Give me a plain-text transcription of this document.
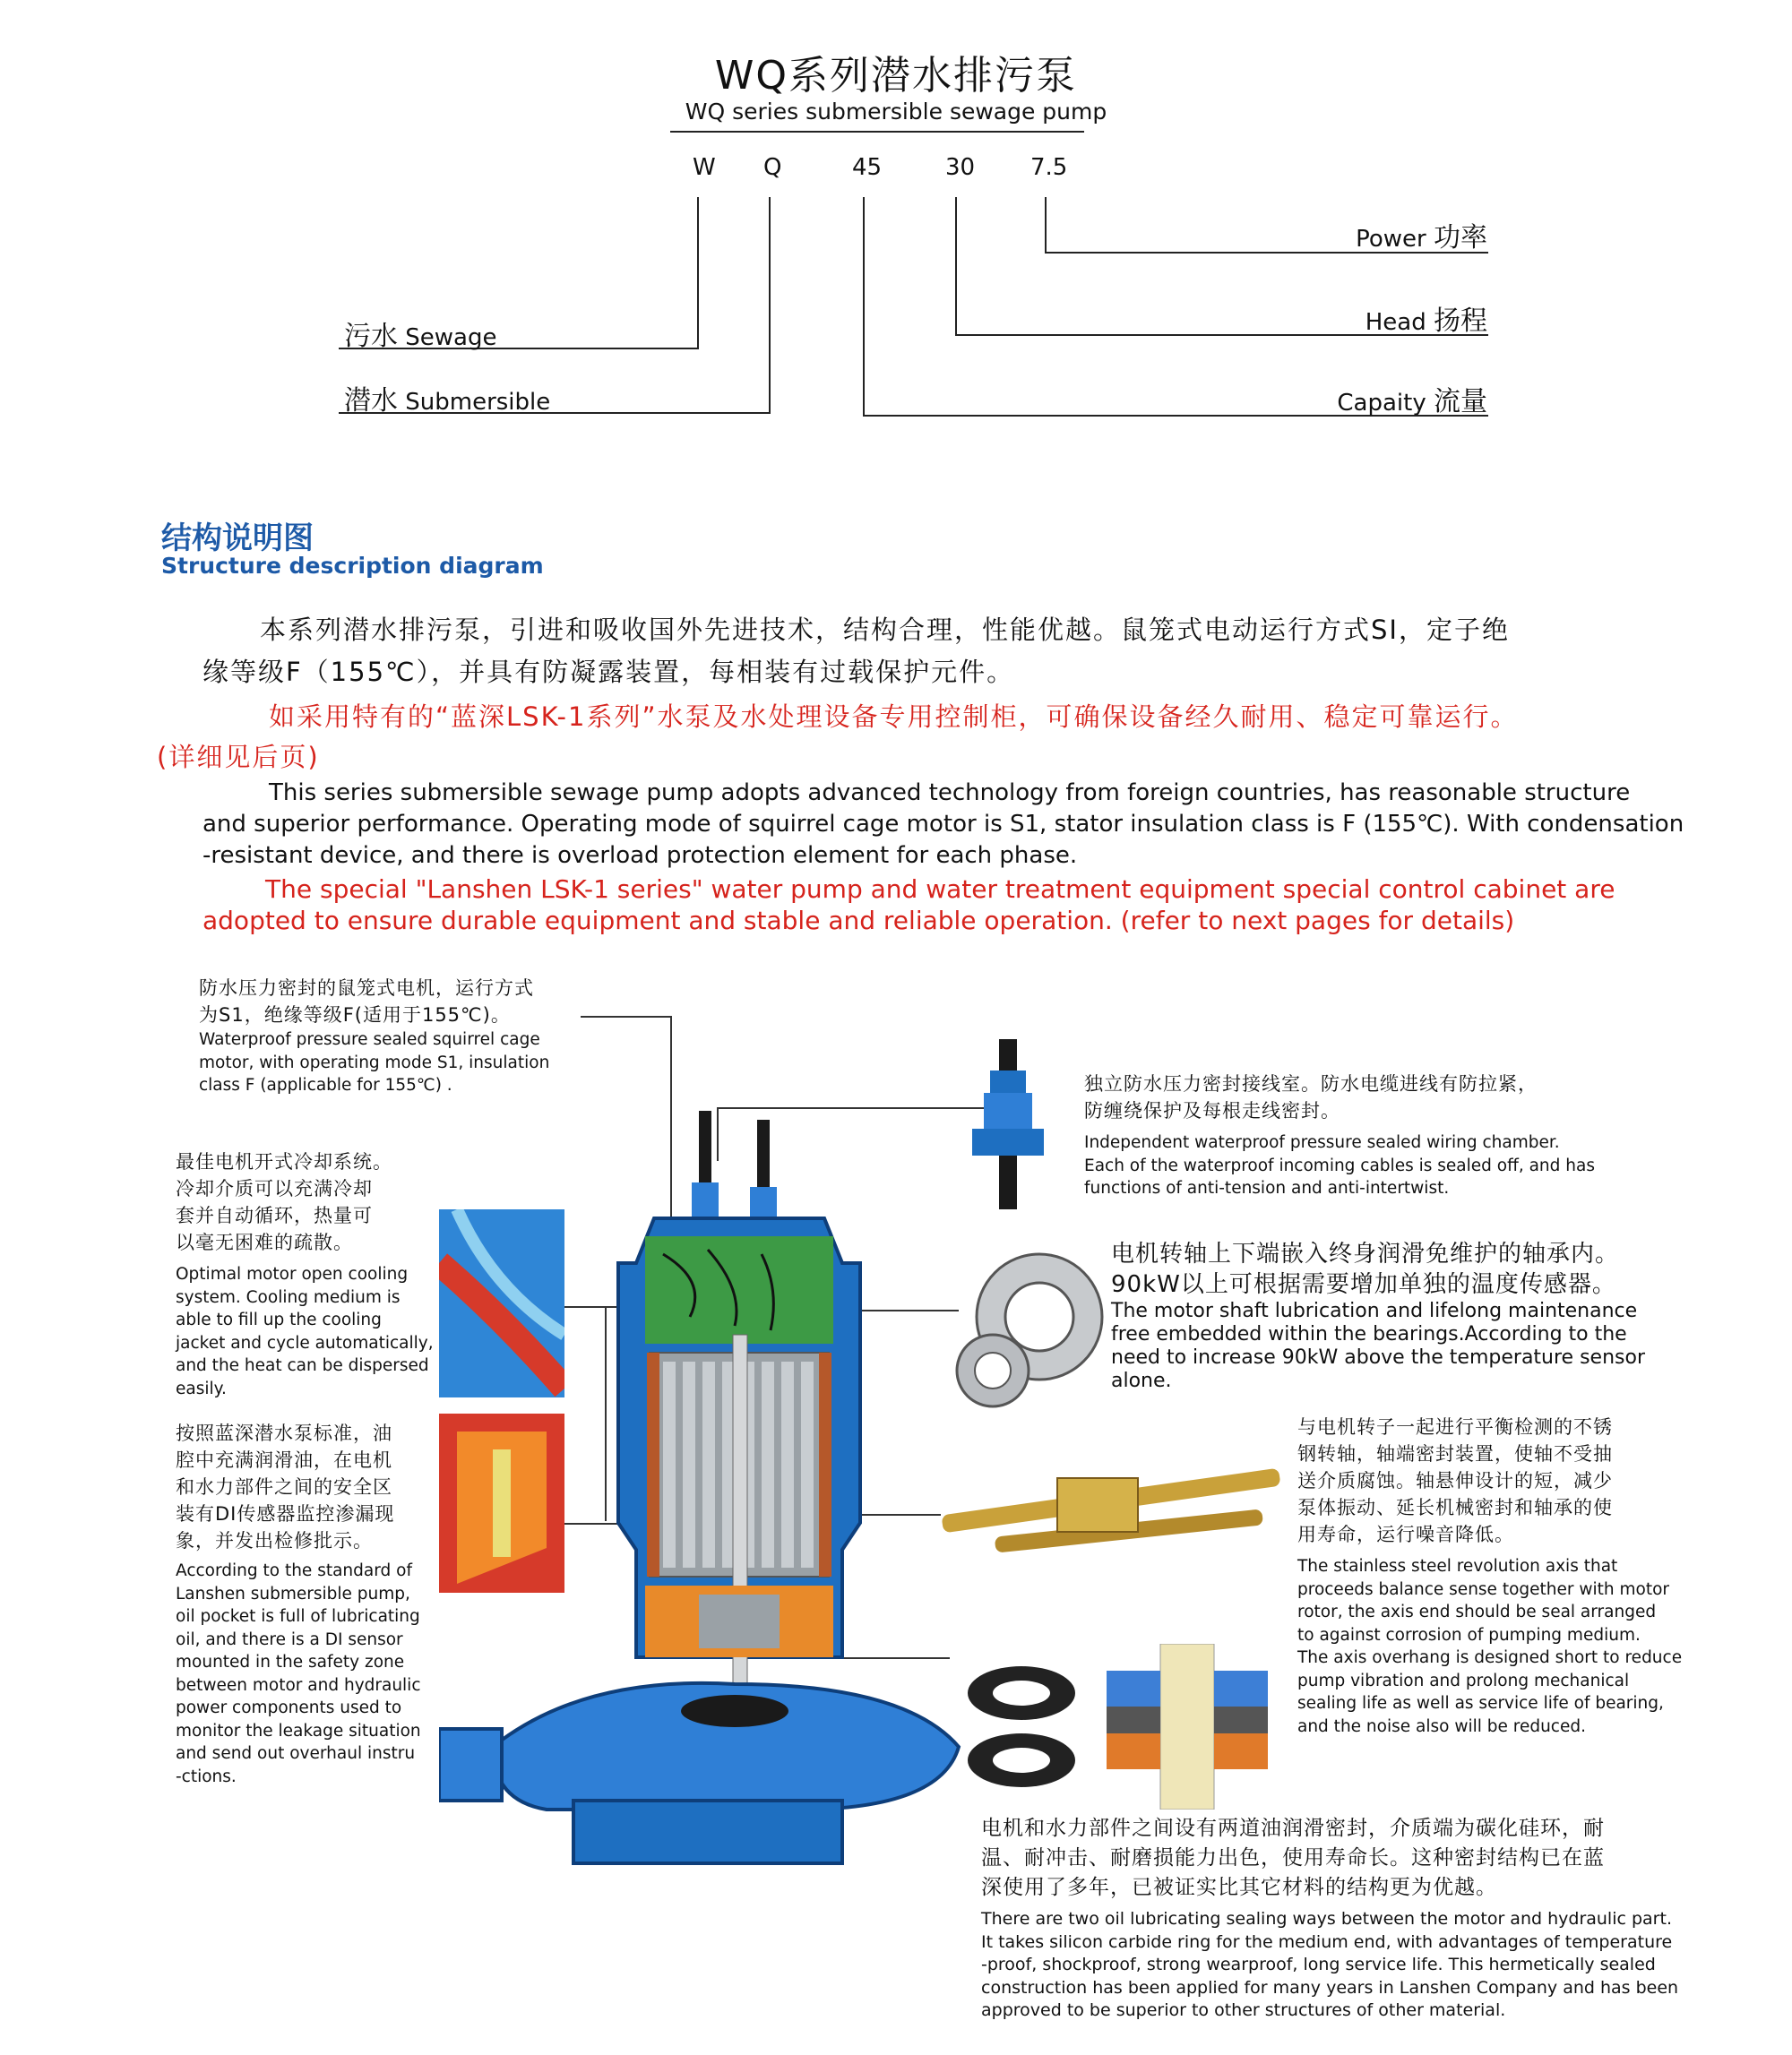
WQ系列潜水排污泵
WQ series submersible sewage pump
W Q	45	30 7.5
污水 Sewage
潜水 Submersible
Power 功率
Head 扬程
Capaity 流量
结构说明图
Structure description diagram
本系列潜水排污泵，引进和吸收国外先进技术，结构合理，性能优越。鼠笼式电动运行方式SI，定子绝
缘等级F（155℃），并具有防凝露装置，每相装有过载保护元件。
如采用特有的“蓝深LSK-1系列”水泵及水处理设备专用控制柜，可确保设备经久耐用、稳定可靠运行。
(详细见后页)
This series submersible sewage pump adopts advanced technology from foreign countries, has reasonable structure
and superior performance. Operating mode of squirrel cage motor is S1, stator insulation class is F (155℃). With condensation
-resistant device, and there is overload protection element for each phase.
The special "Lanshen LSK-1 series" water pump and water treatment equipment special control cabinet are
adopted to ensure durable equipment and stable and reliable operation. (refer to next pages for details)
防水压力密封的鼠笼式电机，运行方式
为S1，绝缘等级F(适用于155℃)。
Waterproof pressure sealed squirrel cage
motor, with operating mode S1, insulation
class F (applicable for 155℃) .
最佳电机开式冷却系统。
冷却介质可以充满冷却
套并自动循环，热量可
以毫无困难的疏散。
Optimal motor open cooling
system. Cooling medium is
able to fill up the cooling
jacket and cycle automatically,
and the heat can be dispersed
easily.
按照蓝深潜水泵标准，油
腔中充满润滑油，在电机
和水力部件之间的安全区
装有DI传感器监控渗漏现
象，并发出检修批示。
According to the standard of
Lanshen submersible pump,
oil pocket is full of lubricating
oil, and there is a DI sensor
mounted in the safety zone
between motor and hydraulic
power components used to
monitor the leakage situation
and send out overhaul instru
-ctions.
独立防水压力密封接线室。防水电缆进线有防拉紧，
防缠绕保护及每根走线密封。
Independent waterproof pressure sealed wiring chamber.
Each of the waterproof incoming cables is sealed off, and has
functions of anti-tension and anti-intertwist.
电机转轴上下端嵌入终身润滑免维护的轴承内。
90kW以上可根据需要增加单独的温度传感器。
The motor shaft lubrication and lifelong maintenance
free embedded within the bearings.According to the
need to increase 90kW above the temperature sensor
alone.
与电机转子一起进行平衡检测的不锈
钢转轴，轴端密封装置，使轴不受抽
送介质腐蚀。轴悬伸设计的短，减少
泵体振动、延长机械密封和轴承的使
用寿命，运行噪音降低。
The stainless steel revolution axis that
proceeds balance sense together with motor
rotor, the axis end should be seal arranged
to against corrosion of pumping medium.
The axis overhang is designed short to reduce
pump vibration and prolong mechanical
sealing life as well as service life of bearing,
and the noise also will be reduced.
电机和水力部件之间设有两道油润滑密封，介质端为碳化硅环，耐
温、耐冲击、耐磨损能力出色，使用寿命长。这种密封结构已在蓝
深使用了多年，已被证实比其它材料的结构更为优越。
There are two oil lubricating sealing ways between the motor and hydraulic part.
It takes silicon carbide ring for the medium end, with advantages of temperature
-proof, shockproof, strong wearproof, long service life. This hermetically sealed
construction has been applied for many years in Lanshen Company and has been
approved to be superior to other structures of other material.
